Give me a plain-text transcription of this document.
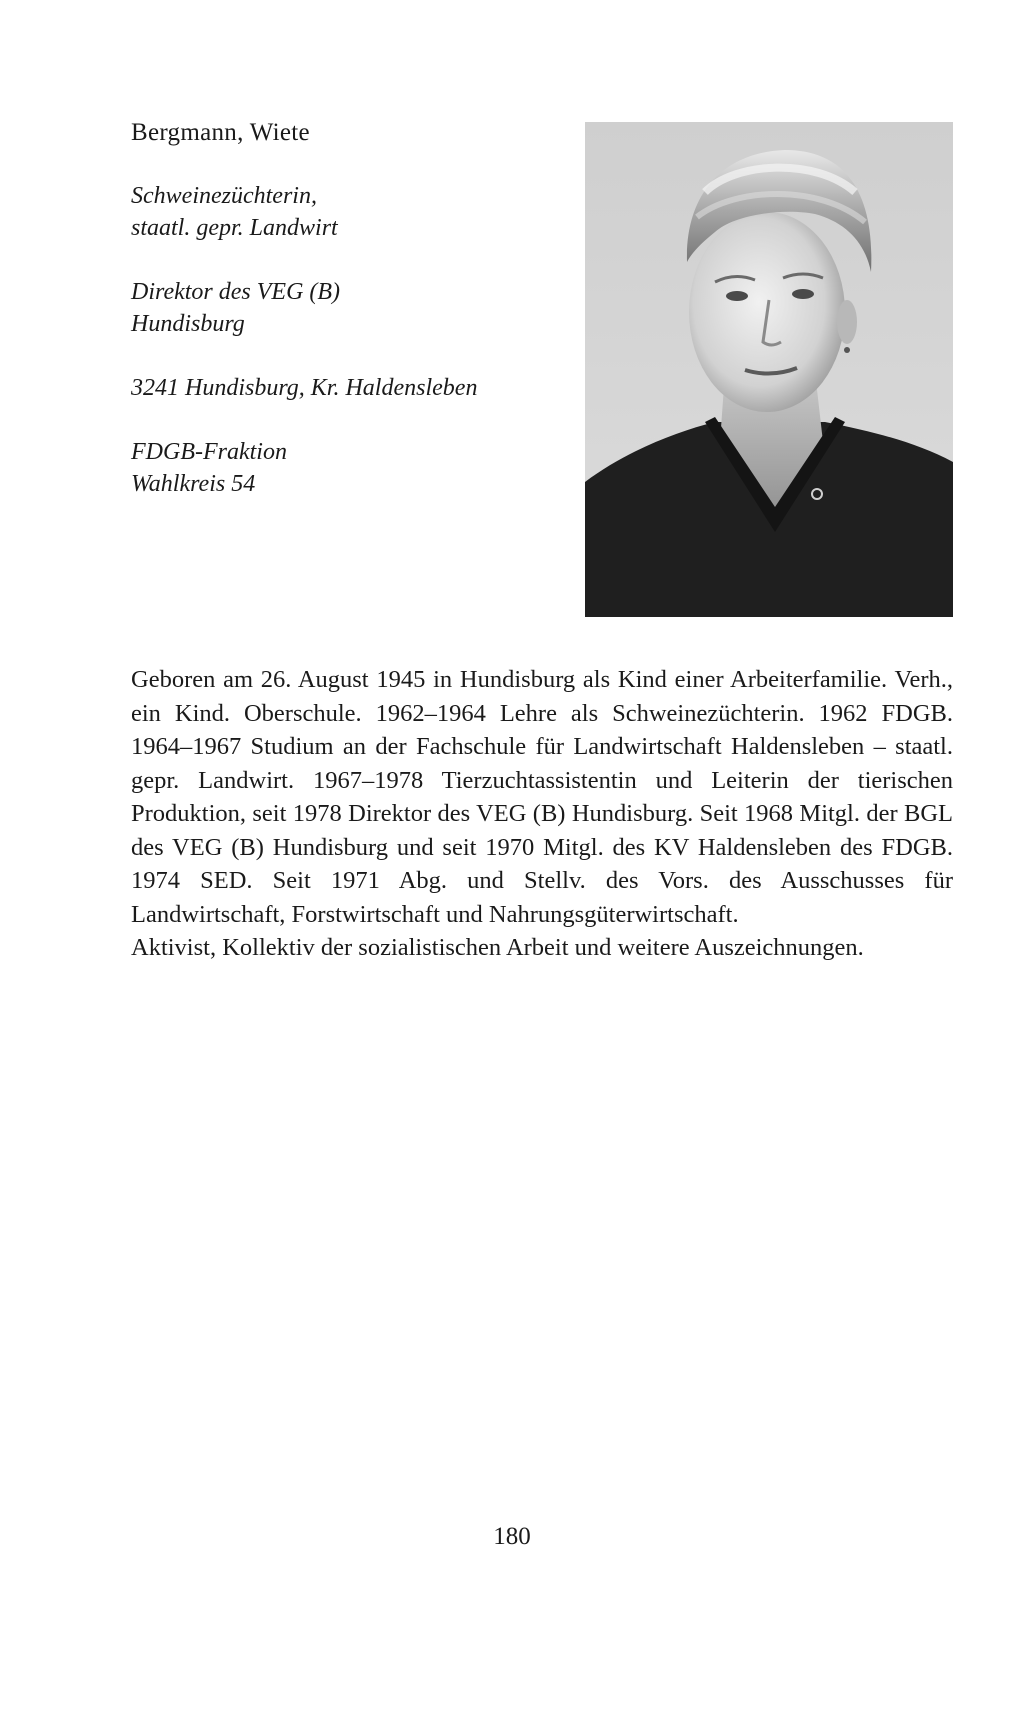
Bergmann, Wiete
Schweinezüchterin,
staatl. gepr. Landwirt
Direktor des VEG (B)
Hundisburg
3241 Hundisburg, Kr. Haldensleben
FDGB-Fraktion
Wahlkreis 54

Geboren am 26. August 1945 in Hundisburg als Kind einer Arbeiterfamilie. Verh., ein Kind. Oberschule. 1962–1964 Lehre als Schweinezüchterin. 1962 FDGB. 1964–1967 Studium an der Fachschule für Landwirtschaft Haldensleben – staatl. gepr. Landwirt. 1967–1978 Tierzuchtassistentin und Leiterin der tierischen Produktion, seit 1978 Direktor des VEG (B) Hundisburg. Seit 1968 Mitgl. der BGL des VEG (B) Hundisburg und seit 1970 Mitgl. des KV Haldensleben des FDGB. 1974 SED. Seit 1971 Abg. und Stellv. des Vors. des Ausschusses für Landwirtschaft, Forstwirtschaft und Nahrungsgüterwirtschaft.

Aktivist, Kollektiv der sozialistischen Arbeit und weitere Auszeichnungen.

180
